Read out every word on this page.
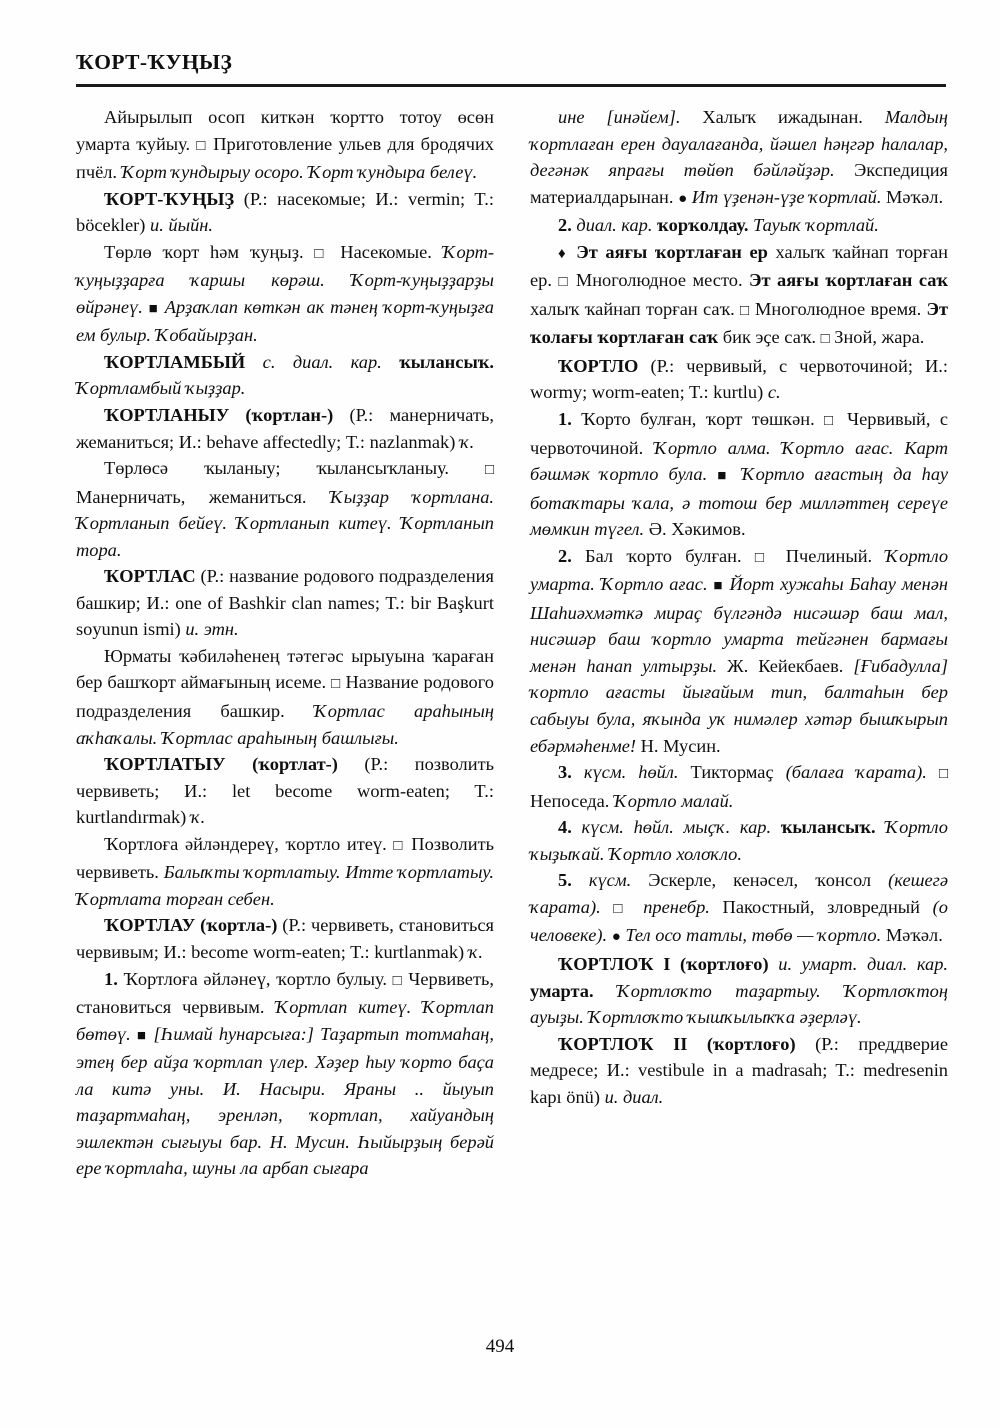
ҠОРТ-ҠУҢЫҘ

Айырылып осоп киткән ҡортто тотоу өсөн умарта ҡуйыу. □ Приготовление ульев для бродячих пчёл. Ҡорт ҡундырыу осоро. Ҡорт ҡундыра белеү.

ҠОРТ-ҠУҢЫҘ (Р.: насекомые; И.: vermin; T.: böcekler) и. йыйн.

Төрлө ҡорт һәм ҡуңыҙ. □ Насекомые. Ҡорт-ҡуңыҙҙарға ҡаршы көрәш. Ҡорт-ҡуңыҙҙарҙы өйрәнеү. ■ Арҙаҡлап көткән ак тәнең ҡорт-ҡуңыҙға ем булыр. Ҡобайырҙан.

ҠОРТЛАМБЫЙ с. диал. кар. ҡылансыҡ. Ҡортламбый ҡыҙҙар.

ҠОРТЛАНЫУ (ҡортлан-) (Р.: манерничать, жеманиться; И.: behave affectedly; Т.: nazlanmak) ҡ.

Төрлөсә ҡыланыу; ҡылансыҡланыу. □ Манерничать, жеманиться. Ҡыҙҙар ҡортлана. Ҡортланып бейеү. Ҡортланып китеү. Ҡортланып тора.

ҠОРТЛАС (Р.: название родового подразделения башкир; И.: one of Bashkir clan names; T.: bir Başkurt soyunun ismi) и. этн.

Юрматы ҡәбиләһенең тәтегәс ырыуына ҡараған бер башҡорт аймағының исеме. □ Название родового подразделения башкир. Ҡортлас араһының аҡһаҡалы. Ҡортлас араһының башлығы.

ҠОРТЛАТЫУ (ҡортлат-) (Р.: позволить червиветь; И.: let become worm-eaten; T.: kurtlandırmak) ҡ.

Ҡортлоға әйләндереү, ҡортло итеү. □ Позволить червиветь. Балыҡты ҡортлатыу. Итте ҡортлатыу. Ҡортлата торған себен.

ҠОРТЛАУ (ҡортла-) (Р.: червиветь, становиться червивым; И.: become worm-eaten; T.: kurtlanmak) ҡ.

1. Ҡортлоға әйләнеү, ҡортло булыу. □ Червиветь, становиться червивым. Ҡортлап китеү. Ҡортлап бөтөү. ■ [Һимай һунарсыға:] Таҙартып тотмаһаң, этең бер айҙа ҡортлап үлер. Хәҙер һыу ҡорто баҫа ла китә уны. И. Насыри. Яраны .. йыуып таҙартмаһаң, эренләп, ҡортлап, хайуандың эшлектән сығыуы бар. Н. Мусин. Һыйырҙың берәй ере ҡортлаһа, шуны ла арбап сығара

ине [инәйем]. Халыҡ ижадынан. Малдың ҡортлаған ерен дауалағанда, йәшел һәңгәр һалалар, дегәнәк япрағы төйөп бәйләйҙәр. Экспедиция материалдарынан. ● Ит үҙенән-үҙе ҡортлай. Мәҡәл.

2. диал. кар. ҡорҡолдау. Тауыҡ ҡортлай.

♦ Эт аяғы ҡортлаған ер халыҡ ҡайнап торған ер. □ Многолюдное место. Эт аяғы ҡортлаған саҡ халыҡ ҡайнап торған саҡ. □ Многолюдное время. Эт ҡолағы ҡортлаған саҡ бик эҫе саҡ. □ Зной, жара.

ҠОРТЛО (Р.: червивый, с червоточиной; И.: wormy; worm-eaten; T.: kurtlu) с.

1. Ҡорто булған, ҡорт төшкән. □ Червивый, с червоточиной. Ҡортло алма. Ҡортло ағас. Карт бәшмәк ҡортло була. ■ Ҡортло ағастың да һау ботаҡтары ҡала, ә тотош бер милләттең сереүе мөмкин түгел. Ә. Хәкимов.

2. Бал ҡорто булған. □ Пчелиный. Ҡортло умарта. Ҡортло ағас. ■ Йорт хужаһы Баһау менән Шаһиәхмәткә мираҫ бүлгәндә нисәшәр баш мал, нисәшәр баш ҡортло умарта тейгәнен бармағы менән һанап ултырҙы. Ж. Кейекбаев. [Ғибадулла] ҡортло ағасты йығайым тип, балтаһын бер сабыуы була, яҡында уҡ нимәлер хәтәр бышҡырып ебәрмәһенме! Н. Мусин.

3. күсм. һөйл. Тиктормаҫ (балаға ҡарата). □ Непоседа. Ҡортло малай.

4. күсм. һөйл. мыҫҡ. кар. ҡылансыҡ. Ҡортло ҡыҙыҡай. Ҡортло холоҡло.

5. күсм. Эскерле, кенәсел, ҡонсол (кешегә ҡарата). □ пренебр. Пакостный, зловредный (о человеке). ● Тел осо татлы, төбө — ҡортло. Мәҡәл.

ҠОРТЛОҠ I (ҡортлоғо) и. умарт. диал. кар. умарта. Ҡортлоҡто таҙартыу. Ҡортлоҡтоң ауыҙы. Ҡортлоҡто ҡышҡылыҡҡа әҙерләү.

ҠОРТЛОҠ II (ҡортлоғо) (Р.: преддверие медресе; И.: vestibule in a madrasah; T.: medresenin kapı önü) и. диал.

494
